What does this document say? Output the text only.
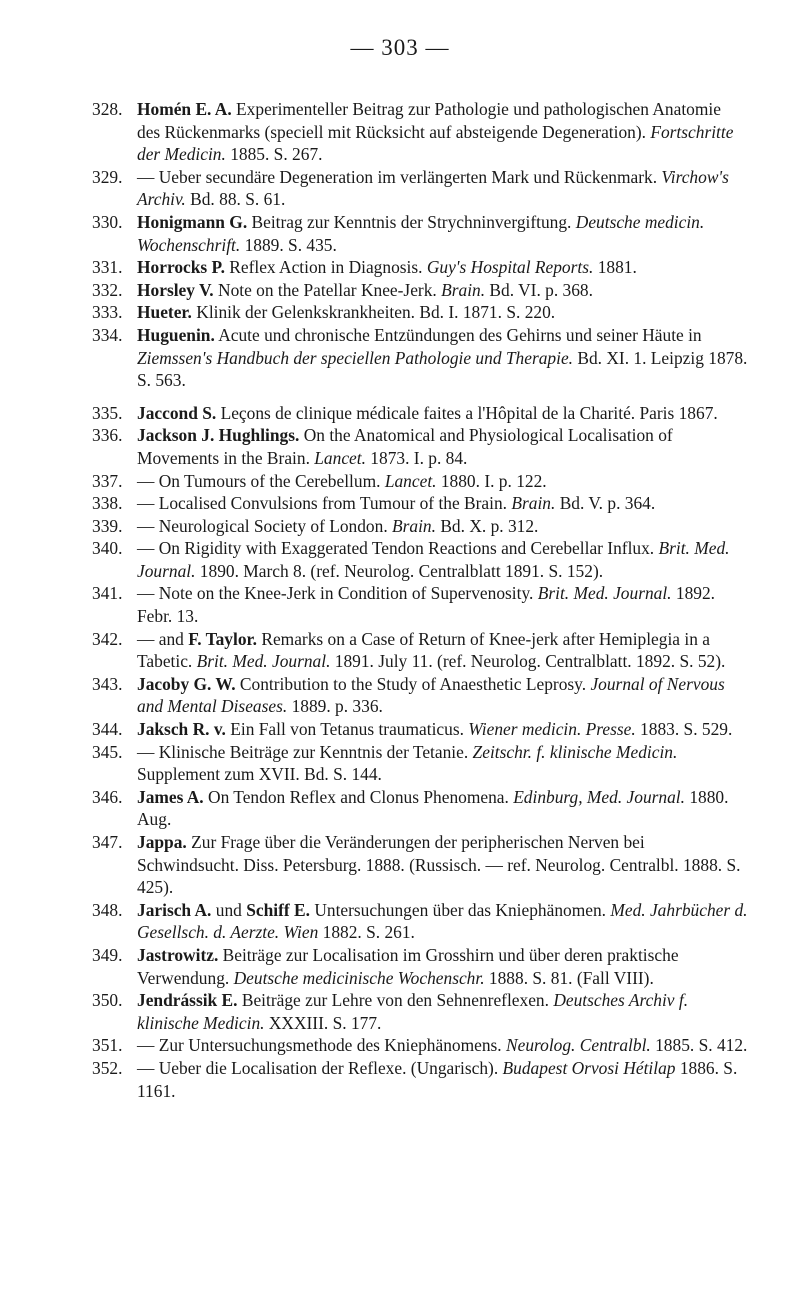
— 303 —
328. Homén E. A. Experimenteller Beitrag zur Pathologie und pathologischen Anatomie des Rückenmarks (speciell mit Rücksicht auf absteigende Degeneration). Fortschritte der Medicin. 1885. S. 267.
329. — Ueber secundäre Degeneration im verlängerten Mark und Rückenmark. Virchow's Archiv. Bd. 88. S. 61.
330. Honigmann G. Beitrag zur Kenntnis der Strychninvergiftung. Deutsche medicin. Wochenschrift. 1889. S. 435.
331. Horrocks P. Reflex Action in Diagnosis. Guy's Hospital Reports. 1881.
332. Horsley V. Note on the Patellar Knee-Jerk. Brain. Bd. VI. p. 368.
333. Hueter. Klinik der Gelenkskrankheiten. Bd. I. 1871. S. 220.
334. Huguenin. Acute und chronische Entzündungen des Gehirns und seiner Häute in Ziemssen's Handbuch der speciellen Pathologie und Therapie. Bd. XI. 1. Leipzig 1878. S. 563.
335. Jaccond S. Leçons de clinique médicale faites a l'Hôpital de la Charité. Paris 1867.
336. Jackson J. Hughlings. On the Anatomical and Physiological Localisation of Movements in the Brain. Lancet. 1873. I. p. 84.
337. — On Tumours of the Cerebellum. Lancet. 1880. I. p. 122.
338. — Localised Convulsions from Tumour of the Brain. Brain. Bd. V. p. 364.
339. — Neurological Society of London. Brain. Bd. X. p. 312.
340. — On Rigidity with Exaggerated Tendon Reactions and Cerebellar Influx. Brit. Med. Journal. 1890. March 8. (ref. Neurolog. Centralblatt 1891. S. 152).
341. — Note on the Knee-Jerk in Condition of Supervenosity. Brit. Med. Journal. 1892. Febr. 13.
342. — and F. Taylor. Remarks on a Case of Return of Knee-jerk after Hemiplegia in a Tabetic. Brit. Med. Journal. 1891. July 11. (ref. Neurolog. Centralblatt. 1892. S. 52).
343. Jacoby G. W. Contribution to the Study of Anaesthetic Leprosy. Journal of Nervous and Mental Diseases. 1889. p. 336.
344. Jaksch R. v. Ein Fall von Tetanus traumaticus. Wiener medicin. Presse. 1883. S. 529.
345. — Klinische Beiträge zur Kenntnis der Tetanie. Zeitschr. f. klinische Medicin. Supplement zum XVII. Bd. S. 144.
346. James A. On Tendon Reflex and Clonus Phenomena. Edinburg, Med. Journal. 1880. Aug.
347. Jappa. Zur Frage über die Veränderungen der peripherischen Nerven bei Schwindsucht. Diss. Petersburg. 1888. (Russisch. — ref. Neurolog. Centralbl. 1888. S. 425).
348. Jarisch A. und Schiff E. Untersuchungen über das Kniephänomen. Med. Jahrbücher d. Gesellsch. d. Aerzte. Wien 1882. S. 261.
349. Jastrowitz. Beiträge zur Localisation im Grosshirn und über deren praktische Verwendung. Deutsche medicinische Wochenschr. 1888. S. 81. (Fall VIII).
350. Jendrássik E. Beiträge zur Lehre von den Sehnenreflexen. Deutsches Archiv f. klinische Medicin. XXXIII. S. 177.
351. — Zur Untersuchungsmethode des Kniephänomens. Neurolog. Centralbl. 1885. S. 412.
352. — Ueber die Localisation der Reflexe. (Ungarisch). Budapest Orvosi Hétilap 1886. S. 1161.
